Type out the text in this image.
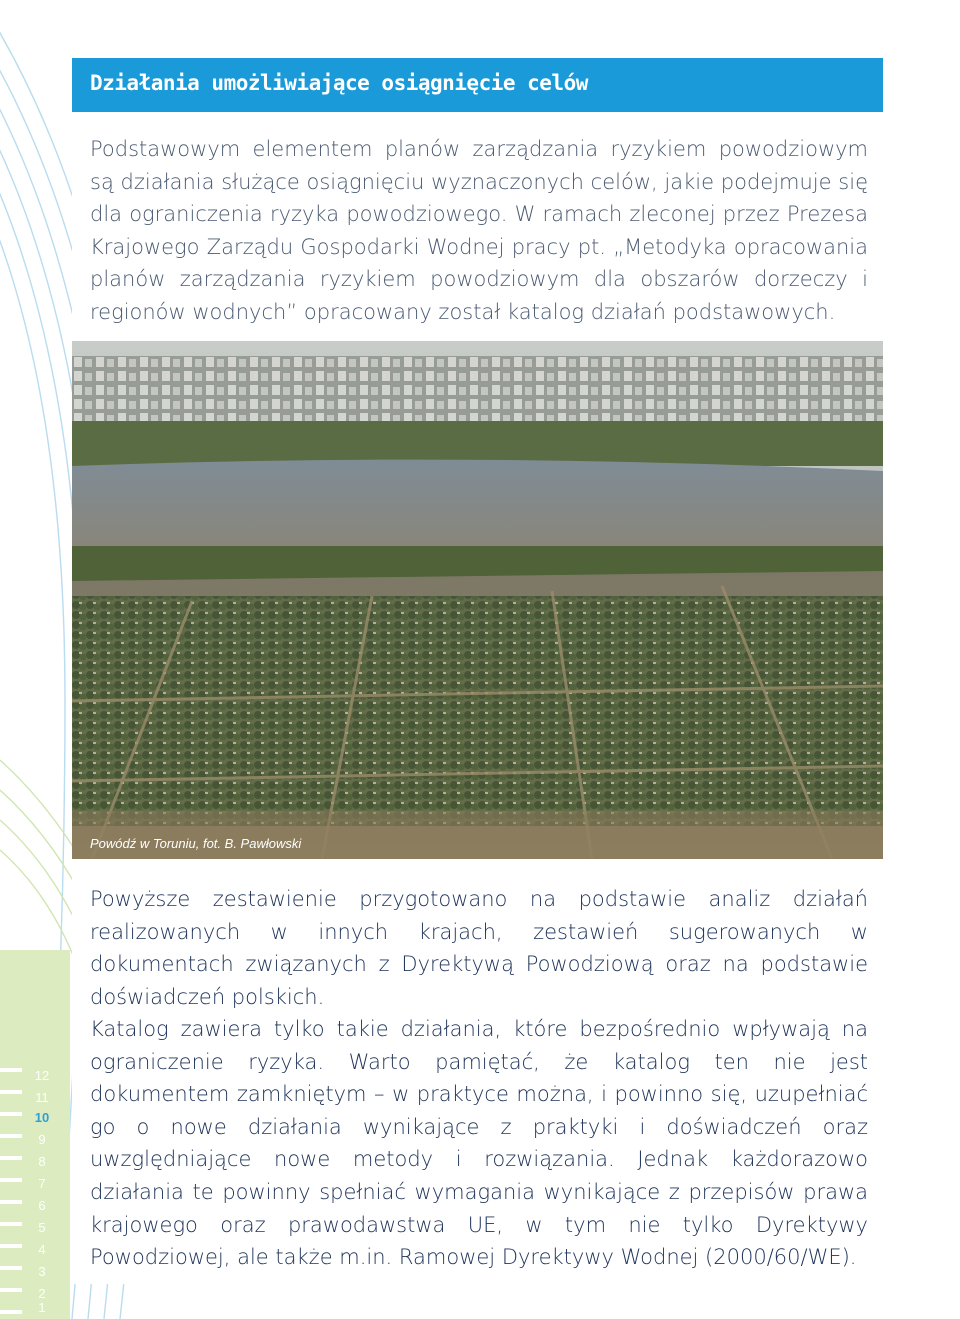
Działania umożliwiające osiągnięcie celów

Podstawowym elementem planów zarządzania ryzykiem powodziowym są działania służące osiągnięciu wyznaczonych celów, jakie podejmuje się dla ograniczenia ryzyka powodziowego. W ramach zleconej przez Prezesa Krajowego Zarządu Gospodarki Wodnej pracy pt. „Metodyka opracowania planów zarządzania ryzykiem powodziowym dla obszarów dorzeczy i regionów wodnych” opracowany został katalog działań podstawowych.

Powódź w Toruniu, fot. B. Pawłowski

Powyższe zestawienie przygotowano na podstawie analiz działań realizowanych w innych krajach, zestawień sugerowanych w dokumentach związanych z Dyrektywą Powodziową oraz na podstawie doświadczeń polskich.

Katalog zawiera tylko takie działania, które bezpośrednio wpływają na ograniczenie ryzyka. Warto pamiętać, że katalog ten nie jest dokumentem zamkniętym – w praktyce można, i powinno się, uzupełniać go o nowe działania wynikające z praktyki i doświadczeń oraz uwzględniające nowe metody i rozwiązania. Jednak każdorazowo działania te powinny spełniać wymagania wynikające z przepisów prawa krajowego oraz prawodawstwa UE, w tym nie tylko Dyrektywy Powodziowej, ale także m.in. Ramowej Dyrektywy Wodnej (2000/60/WE).

12
11
10
9
8
7
6
5
4
3
2
1
